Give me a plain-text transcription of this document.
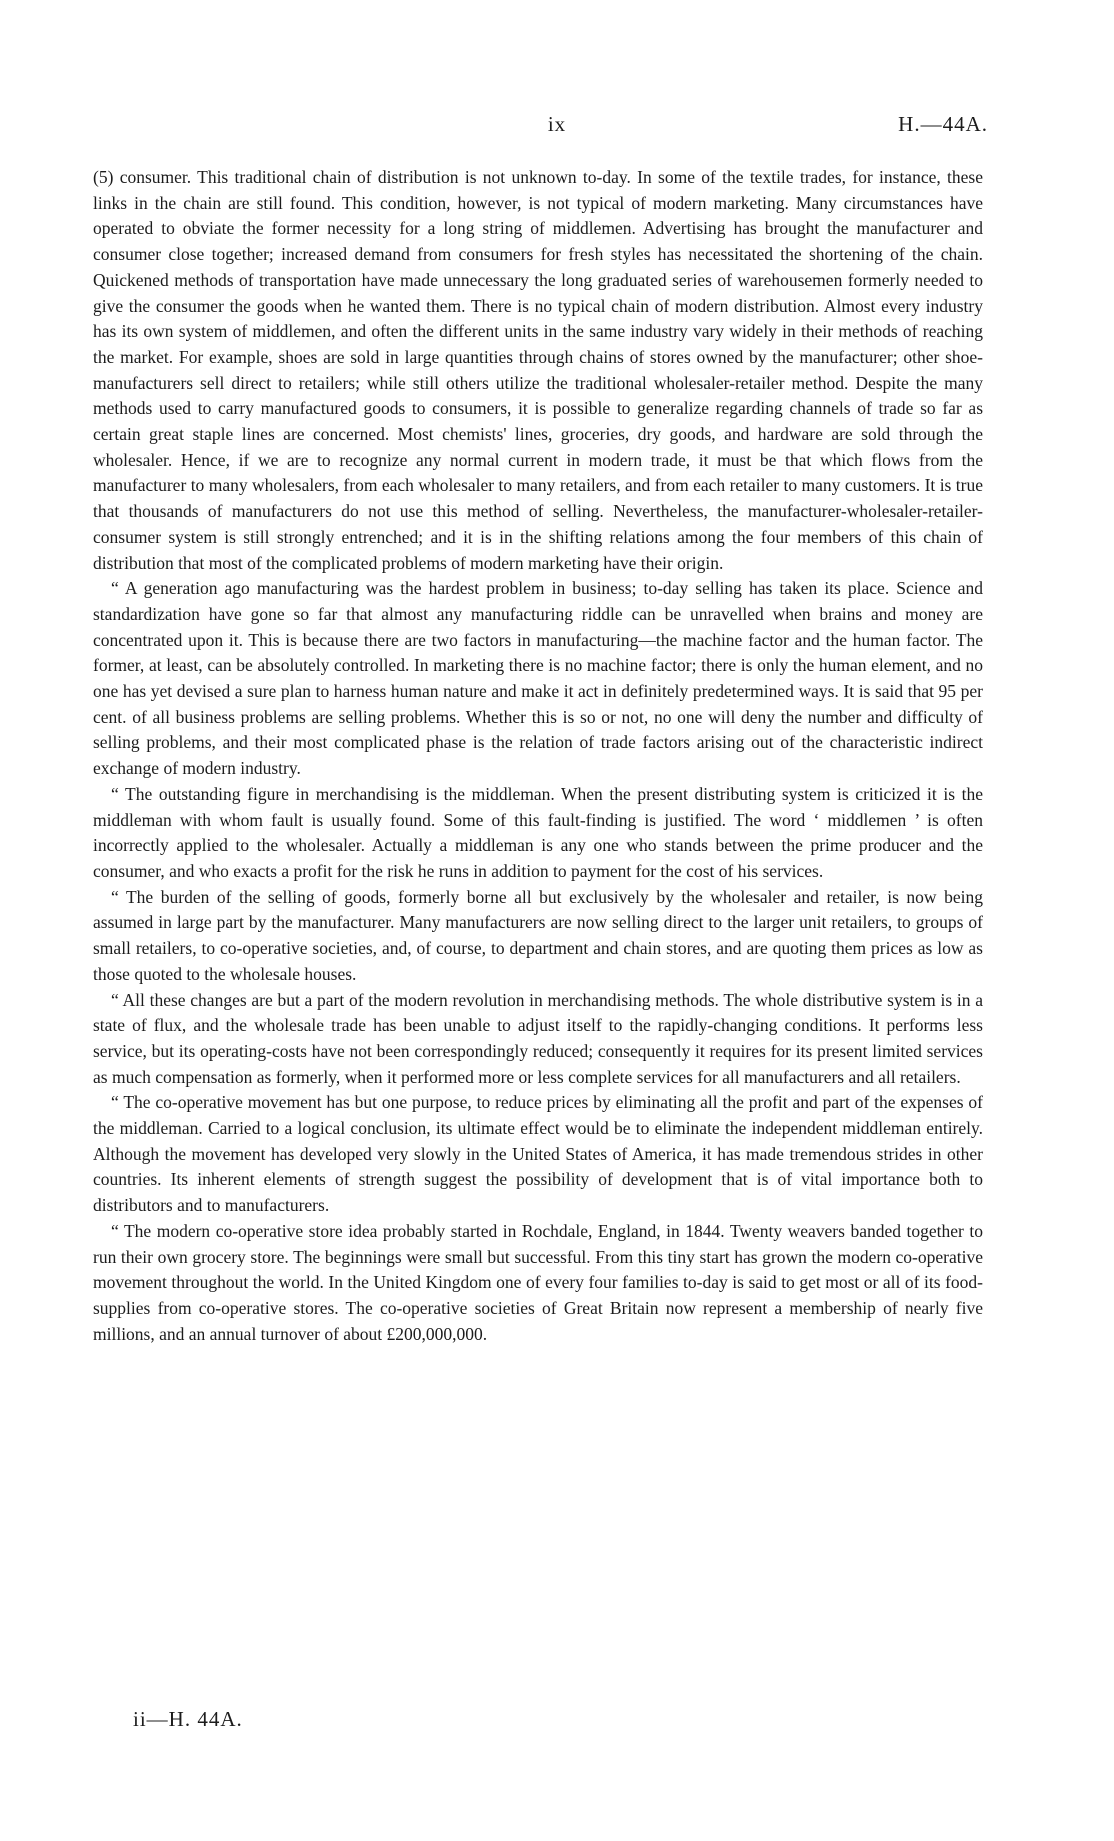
ix	H.—44A.

(5) consumer. This traditional chain of distribution is not unknown to-day. In some of the textile trades, for instance, these links in the chain are still found. This condition, however, is not typical of modern marketing. Many circumstances have operated to obviate the former necessity for a long string of middlemen. Advertising has brought the manufacturer and consumer close together; increased demand from consumers for fresh styles has necessitated the shortening of the chain. Quickened methods of transportation have made unnecessary the long graduated series of warehousemen formerly needed to give the consumer the goods when he wanted them. There is no typical chain of modern distribution. Almost every industry has its own system of middlemen, and often the different units in the same industry vary widely in their methods of reaching the market. For example, shoes are sold in large quantities through chains of stores owned by the manufacturer; other shoe-manufacturers sell direct to retailers; while still others utilize the traditional wholesaler-retailer method. Despite the many methods used to carry manufactured goods to consumers, it is possible to generalize regarding channels of trade so far as certain great staple lines are concerned. Most chemists' lines, groceries, dry goods, and hardware are sold through the wholesaler. Hence, if we are to recognize any normal current in modern trade, it must be that which flows from the manufacturer to many wholesalers, from each wholesaler to many retailers, and from each retailer to many customers. It is true that thousands of manufacturers do not use this method of selling. Nevertheless, the manufacturer-wholesaler-retailer-consumer system is still strongly entrenched; and it is in the shifting relations among the four members of this chain of distribution that most of the complicated problems of modern marketing have their origin.

“ A generation ago manufacturing was the hardest problem in business; to-day selling has taken its place. Science and standardization have gone so far that almost any manufacturing riddle can be unravelled when brains and money are concentrated upon it. This is because there are two factors in manufacturing—the machine factor and the human factor. The former, at least, can be absolutely controlled. In marketing there is no machine factor; there is only the human element, and no one has yet devised a sure plan to harness human nature and make it act in definitely predetermined ways. It is said that 95 per cent. of all business problems are selling problems. Whether this is so or not, no one will deny the number and difficulty of selling problems, and their most complicated phase is the relation of trade factors arising out of the characteristic indirect exchange of modern industry.

“ The outstanding figure in merchandising is the middleman. When the present distributing system is criticized it is the middleman with whom fault is usually found. Some of this fault-finding is justified. The word ‘ middlemen ’ is often incorrectly applied to the wholesaler. Actually a middleman is any one who stands between the prime producer and the consumer, and who exacts a profit for the risk he runs in addition to payment for the cost of his services.

“ The burden of the selling of goods, formerly borne all but exclusively by the wholesaler and retailer, is now being assumed in large part by the manufacturer. Many manufacturers are now selling direct to the larger unit retailers, to groups of small retailers, to co-operative societies, and, of course, to department and chain stores, and are quoting them prices as low as those quoted to the wholesale houses.

“ All these changes are but a part of the modern revolution in merchandising methods. The whole distributive system is in a state of flux, and the wholesale trade has been unable to adjust itself to the rapidly-changing conditions. It performs less service, but its operating-costs have not been correspondingly reduced; consequently it requires for its present limited services as much compensation as formerly, when it performed more or less complete services for all manufacturers and all retailers.

“ The co-operative movement has but one purpose, to reduce prices by eliminating all the profit and part of the expenses of the middleman. Carried to a logical conclusion, its ultimate effect would be to eliminate the independent middleman entirely. Although the movement has developed very slowly in the United States of America, it has made tremendous strides in other countries. Its inherent elements of strength suggest the possibility of development that is of vital importance both to distributors and to manufacturers.

“ The modern co-operative store idea probably started in Rochdale, England, in 1844. Twenty weavers banded together to run their own grocery store. The beginnings were small but successful. From this tiny start has grown the modern co-operative movement throughout the world. In the United Kingdom one of every four families to-day is said to get most or all of its food-supplies from co-operative stores. The co-operative societies of Great Britain now represent a membership of nearly five millions, and an annual turnover of about £200,000,000.

ii—H. 44A.
